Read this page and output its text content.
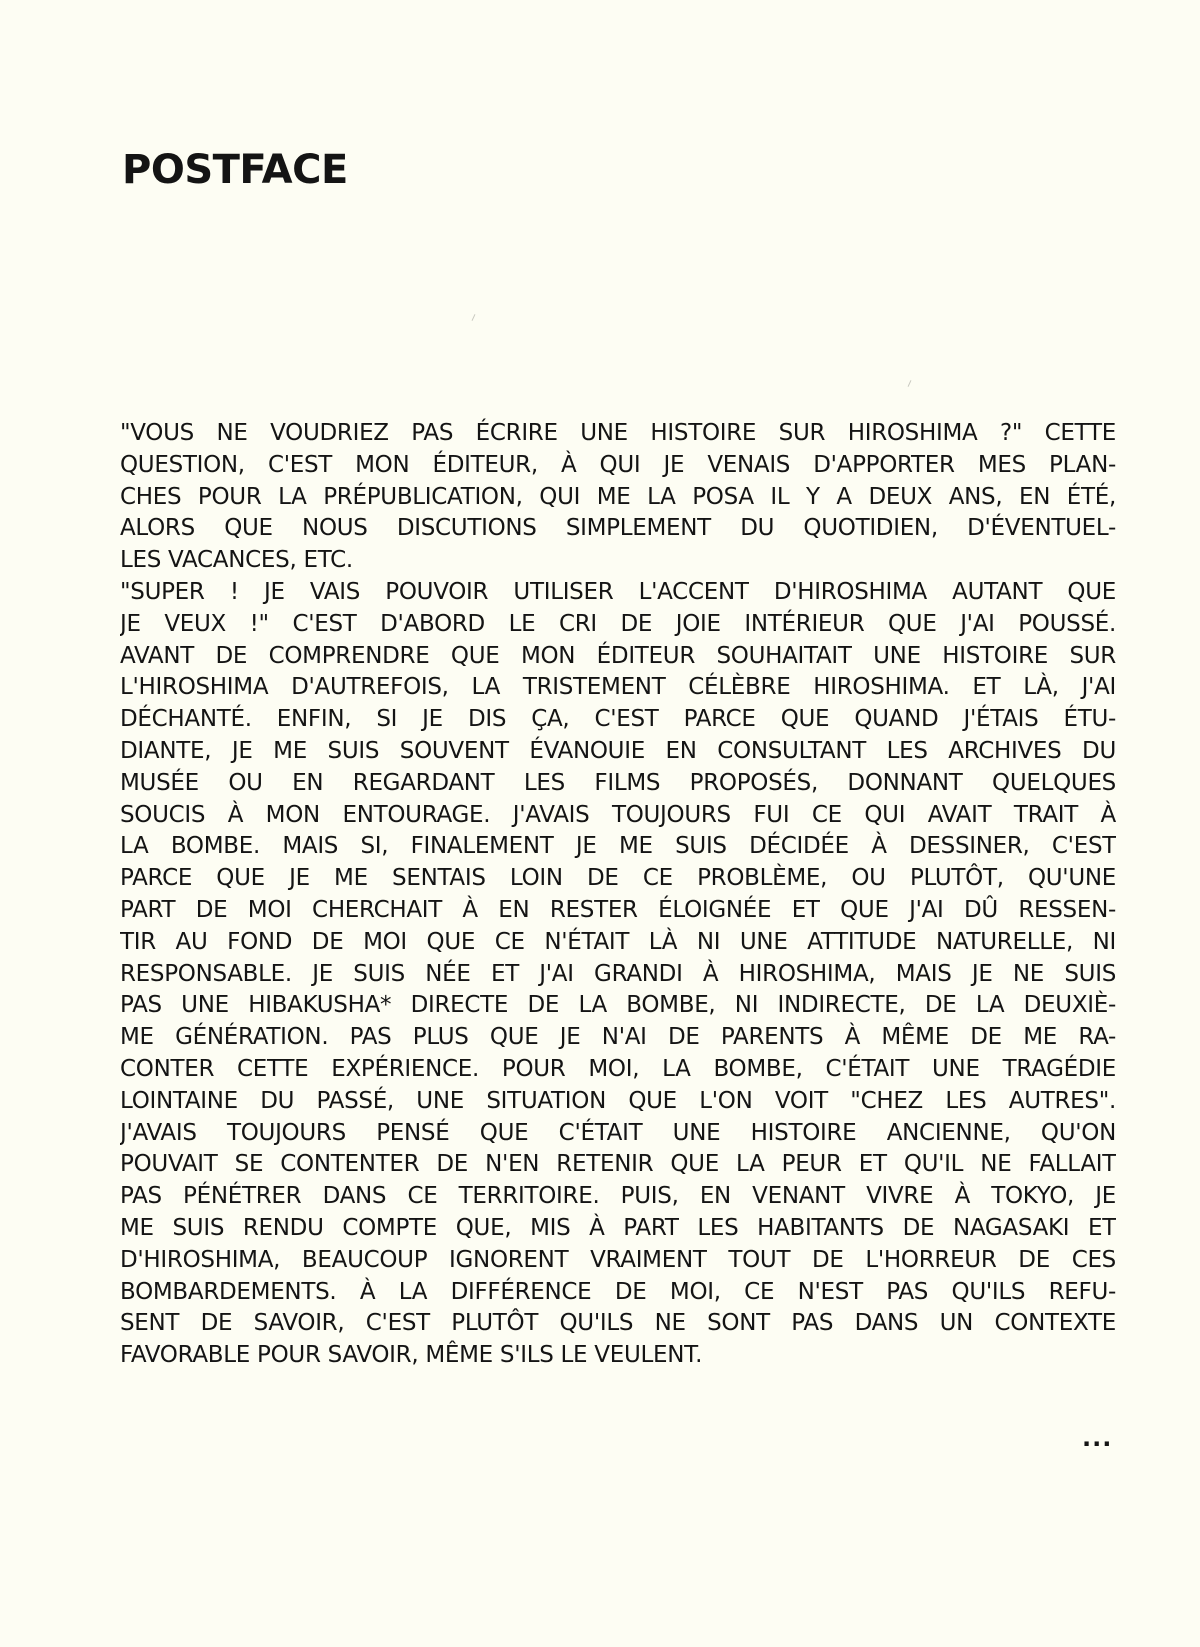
POSTFACE

"VOUS NE VOUDRIEZ PAS ÉCRIRE UNE HISTOIRE SUR HIROSHIMA ?" CETTE
QUESTION, C'EST MON ÉDITEUR, À QUI JE VENAIS D'APPORTER MES PLAN-
CHES POUR LA PRÉPUBLICATION, QUI ME LA POSA IL Y A DEUX ANS, EN ÉTÉ,
ALORS QUE NOUS DISCUTIONS SIMPLEMENT DU QUOTIDIEN, D'ÉVENTUEL-
LES VACANCES, ETC.

"SUPER ! JE VAIS POUVOIR UTILISER L'ACCENT D'HIROSHIMA AUTANT QUE
JE VEUX !" C'EST D'ABORD LE CRI DE JOIE INTÉRIEUR QUE J'AI POUSSÉ.
AVANT DE COMPRENDRE QUE MON ÉDITEUR SOUHAITAIT UNE HISTOIRE SUR
L'HIROSHIMA D'AUTREFOIS, LA TRISTEMENT CÉLÈBRE HIROSHIMA. ET LÀ, J'AI
DÉCHANTÉ. ENFIN, SI JE DIS ÇA, C'EST PARCE QUE QUAND J'ÉTAIS ÉTU-
DIANTE, JE ME SUIS SOUVENT ÉVANOUIE EN CONSULTANT LES ARCHIVES DU
MUSÉE OU EN REGARDANT LES FILMS PROPOSÉS, DONNANT QUELQUES
SOUCIS À MON ENTOURAGE. J'AVAIS TOUJOURS FUI CE QUI AVAIT TRAIT À
LA BOMBE. MAIS SI, FINALEMENT JE ME SUIS DÉCIDÉE À DESSINER, C'EST
PARCE QUE JE ME SENTAIS LOIN DE CE PROBLÈME, OU PLUTÔT, QU'UNE
PART DE MOI CHERCHAIT À EN RESTER ÉLOIGNÉE ET QUE J'AI DÛ RESSEN-
TIR AU FOND DE MOI QUE CE N'ÉTAIT LÀ NI UNE ATTITUDE NATURELLE, NI
RESPONSABLE. JE SUIS NÉE ET J'AI GRANDI À HIROSHIMA, MAIS JE NE SUIS
PAS UNE HIBAKUSHA* DIRECTE DE LA BOMBE, NI INDIRECTE, DE LA DEUXIÈ-
ME GÉNÉRATION. PAS PLUS QUE JE N'AI DE PARENTS À MÊME DE ME RA-
CONTER CETTE EXPÉRIENCE. POUR MOI, LA BOMBE, C'ÉTAIT UNE TRAGÉDIE
LOINTAINE DU PASSÉ, UNE SITUATION QUE L'ON VOIT "CHEZ LES AUTRES".
J'AVAIS TOUJOURS PENSÉ QUE C'ÉTAIT UNE HISTOIRE ANCIENNE, QU'ON
POUVAIT SE CONTENTER DE N'EN RETENIR QUE LA PEUR ET QU'IL NE FALLAIT
PAS PÉNÉTRER DANS CE TERRITOIRE. PUIS, EN VENANT VIVRE À TOKYO, JE
ME SUIS RENDU COMPTE QUE, MIS À PART LES HABITANTS DE NAGASAKI ET
D'HIROSHIMA, BEAUCOUP IGNORENT VRAIMENT TOUT DE L'HORREUR DE CES
BOMBARDEMENTS. À LA DIFFÉRENCE DE MOI, CE N'EST PAS QU'ILS REFU-
SENT DE SAVOIR, C'EST PLUTÔT QU'ILS NE SONT PAS DANS UN CONTEXTE
FAVORABLE POUR SAVOIR, MÊME S'ILS LE VEULENT.

...
